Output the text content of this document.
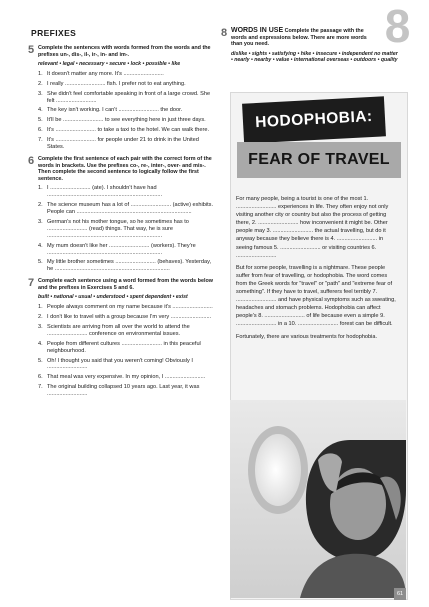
8
PREFIXES
5 Complete the sentences with words formed from the words and the prefixes un-, dis-, il-, ir-, in- and im-.
relevant • legal • necessary • secure • lock • possible • like
1. It doesn't matter any more. It's ..........................
2. I really .......................... fish. I prefer not to eat anything.
3. She didn't feel comfortable speaking in front of a large crowd. She felt ..........................
4. The key isn't working. I can't .......................... the door.
5. It'll be .......................... to see everything here in just three days.
6. It's .......................... to take a taxi to the hotel. We can walk there.
7. It's .......................... for people under 21 to drink in the United States.
6 Complete the first sentence of each pair with the correct form of the words in brackets. Use the prefixes co-, re-, inter-, over- and mis-. Then complete the second sentence to logically follow the first sentence.
1. I .......................... (ate). I shouldn't have had ..........................................................................
2. The science museum has a lot of .......................... (active) exhibits. People can ..........................................................................
3. German's not his mother tongue, so he sometimes has to .......................... (read) things. That way, he is sure ..........................................................................
4. My mum doesn't like her .......................... (workers). They're ..........................................................................
5. My little brother sometimes .......................... (behaves). Yesterday, he ..........................................................................
7 Complete each sentence using a word formed from the words below and the prefixes in Exercises 5 and 6.
built • national • usual • understood • spent dependent • exist
1. People always comment on my name because it's ..........................
2. I don't like to travel with a group because I'm very ..........................
3. Scientists are arriving from all over the world to attend the .......................... conference on environmental issues.
4. People from different cultures .......................... in this peaceful neighbourhood.
5. Oh! I thought you said that you weren't coming! Obviously I ..........................
6. That meal was very expensive. In my opinion, I ..........................
7. The original building collapsed 10 years ago. Last year, it was ..........................
8 WORDS IN USE Complete the passage with the words and expressions below. There are more words than you need.
dislike • sights • satisfying • hike • insecure • independent no matter • nearly • nearby • value • international overseas • outdoors • quality
HODOPHOBIA:
FEAR OF TRAVEL

For many people, being a tourist is one of the most 1. .......................... experiences in life. They often enjoy not only visiting another city or country but also the process of getting there, 2. .......................... how inconvenient it might be. Other people may 3. .......................... the actual travelling, but do it anyway because they believe there is 4. .......................... in seeing famous 5. .......................... or visiting countries 6. ..........................

But for some people, travelling is a nightmare. These people suffer from fear of travelling, or hodophobia. The word comes from the Greek words for "travel" or "path" and "extreme fear of something". If they have to travel, sufferers feel terribly 7. .......................... and have physical symptoms such as sweating, headaches and stomach problems. Hodophobia can affect people's 8. .......................... of life because even a simple 9. .......................... in a 10. .......................... forest can be difficult.

Fortunately, there are various treatments for hodophobia.

61
